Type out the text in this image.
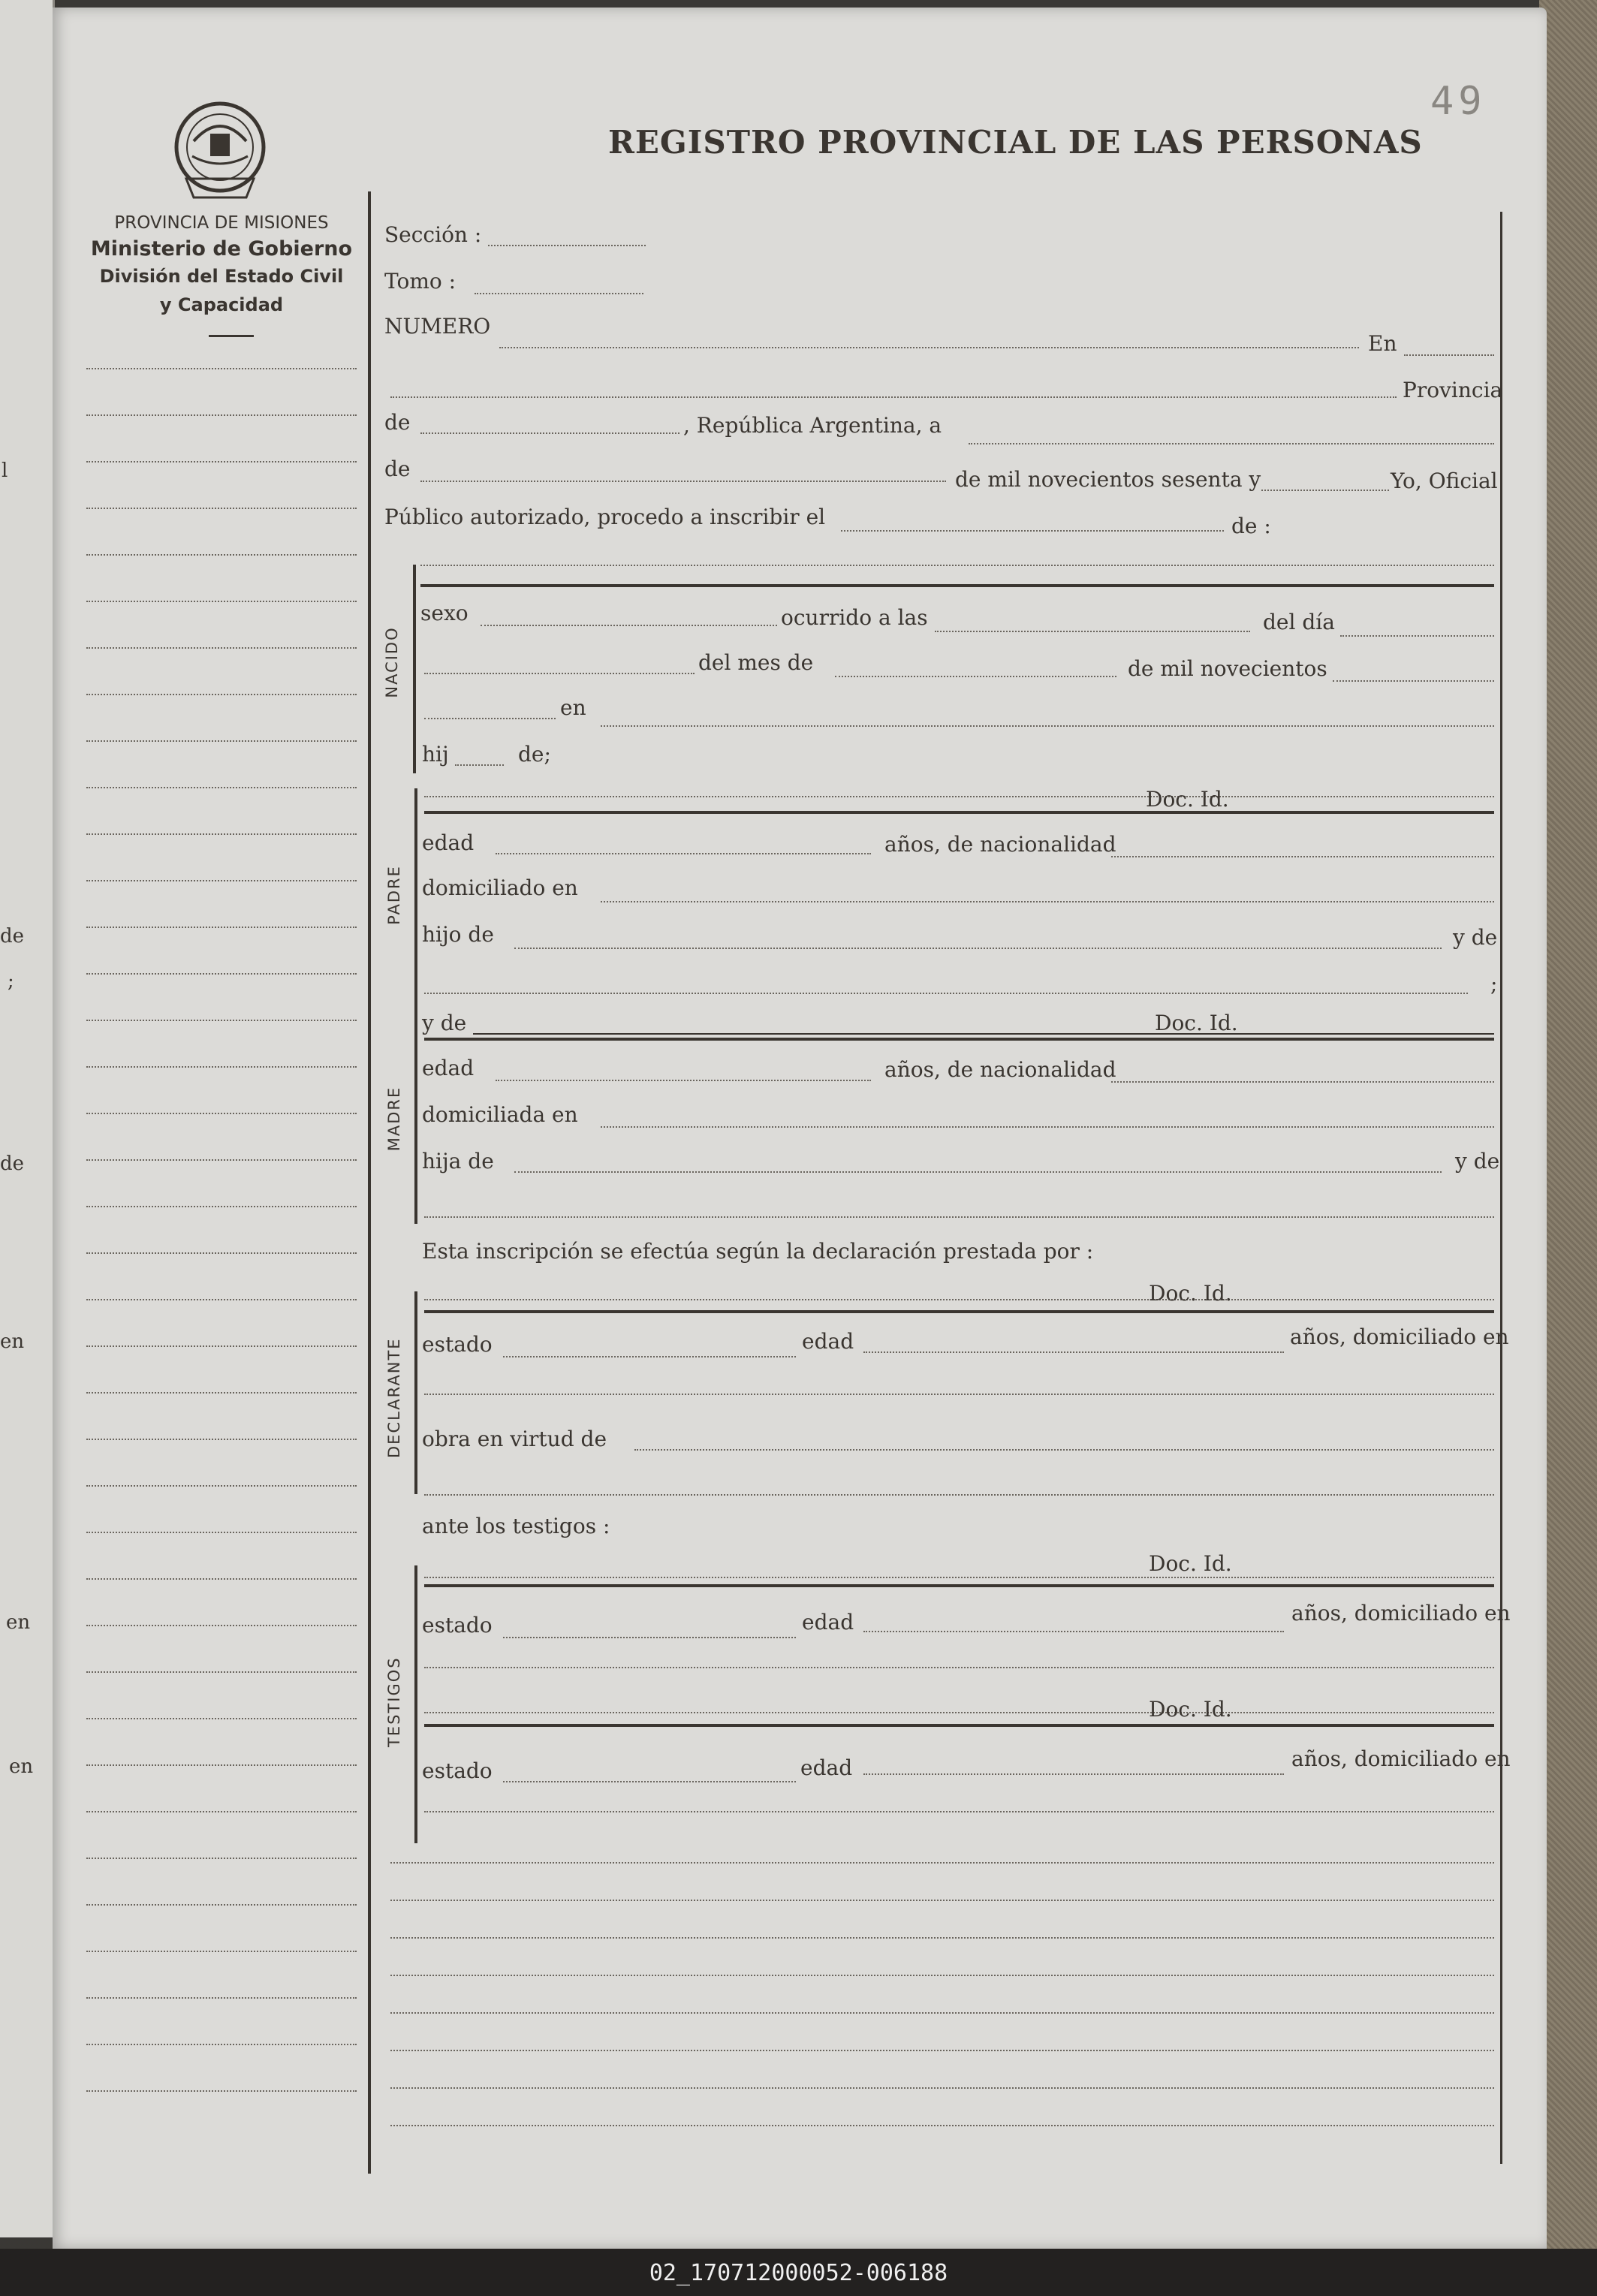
02_170712000052-006188
l
de
;
de
en
en
en
49
REGISTRO PROVINCIAL DE LAS PERSONAS
PROVINCIA DE MISIONES
Ministerio de Gobierno
División del Estado Civil
y Capacidad
Sección :
Tomo :
NUMERO
En
Provincia
de	, República Argentina, a
de	de mil novecientos sesenta y	Yo, Oficial
Público autorizado, procedo a inscribir el	de :
NACIDO
sexo	ocurrido a las	del día
del mes de	de mil novecientos
en
hij	de;
PADRE
Doc. Id.
edad	años, de nacionalidad
domiciliado en
hijo de	y de
;
MADRE
y de	Doc. Id.
edad	años, de nacionalidad
domiciliada en
hija de	y de
Esta inscripción se efectúa según la declaración prestada por :
DECLARANTE
Doc. Id.
estado	edad	años, domiciliado en
obra en virtud de
ante los testigos :
TESTIGOS
Doc. Id.
estado	edad	años, domiciliado en
Doc. Id.
estado	edad	años, domiciliado en
